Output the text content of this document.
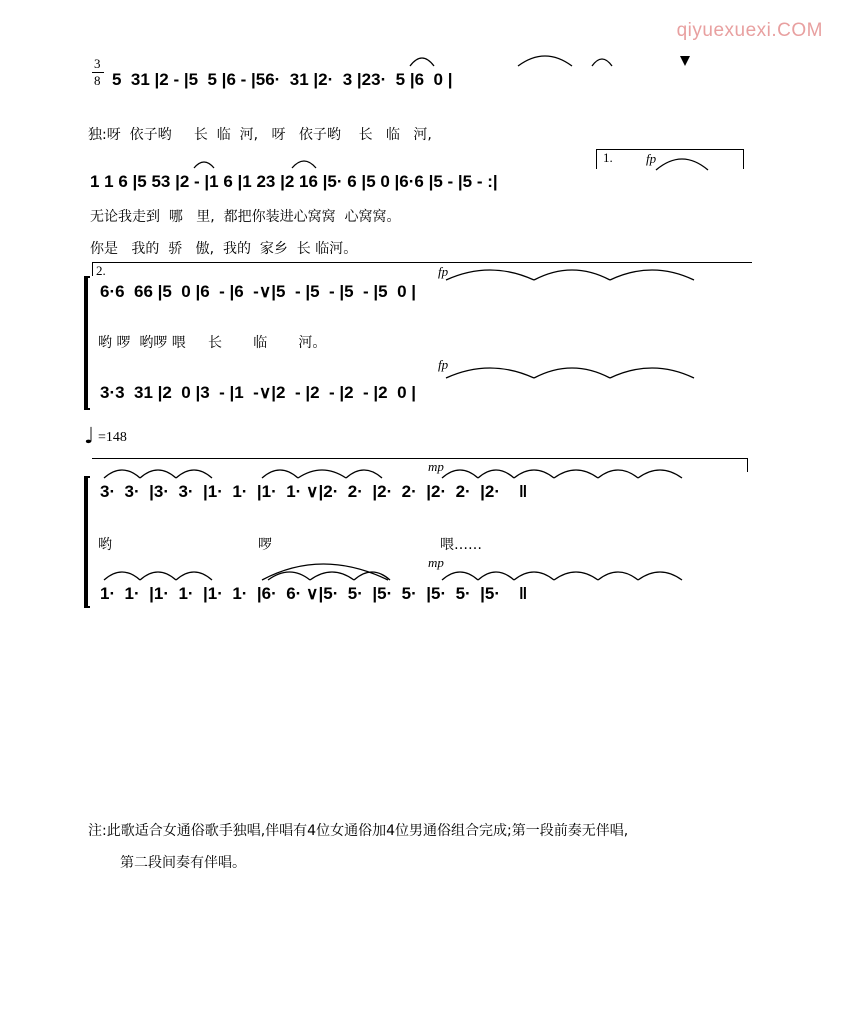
qiyuexuexi.COM
3
8 5  31 |2 - |5  5 |6 - |56·  31 |2·  3 |23·  5 |6  0 |
独:呀  依子哟     长  临  河,   呀   依子哟    长   临   河,
1 1 6 |5 53 |2 - |1 6 |1 23 |2 16 |5· 6 |5 0 |6·6 |5 - |5 - :|
1.	fp
无论我走到  哪   里,  都把你装进心窝窝  心窝窝。
你是   我的  骄   傲,  我的  家乡  长 临河。
2.	fp
6·6  66 |5  0 |6  - |6  -∨|5  - |5  - |5  - |5  0 |
哟 啰  哟啰 喂     长       临       河。
fp
3·3  31 |2  0 |3  - |1  -∨|2  - |2  - |2  - |2  0 |
♩ =148
mp
3·  3·  |3·  3·  |1·  1·  |1·  1· ∨|2·  2·  |2·  2·  |2·  2·  |2·    ‖
哟	啰	喂……
mp
1·  1·  |1·  1·  |1·  1·  |6·  6· ∨|5·  5·  |5·  5·  |5·  5·  |5·    ‖
注:此歌适合女通俗歌手独唱,伴唱有4位女通俗加4位男通俗组合完成;第一段前奏无伴唱,
第二段间奏有伴唱。
